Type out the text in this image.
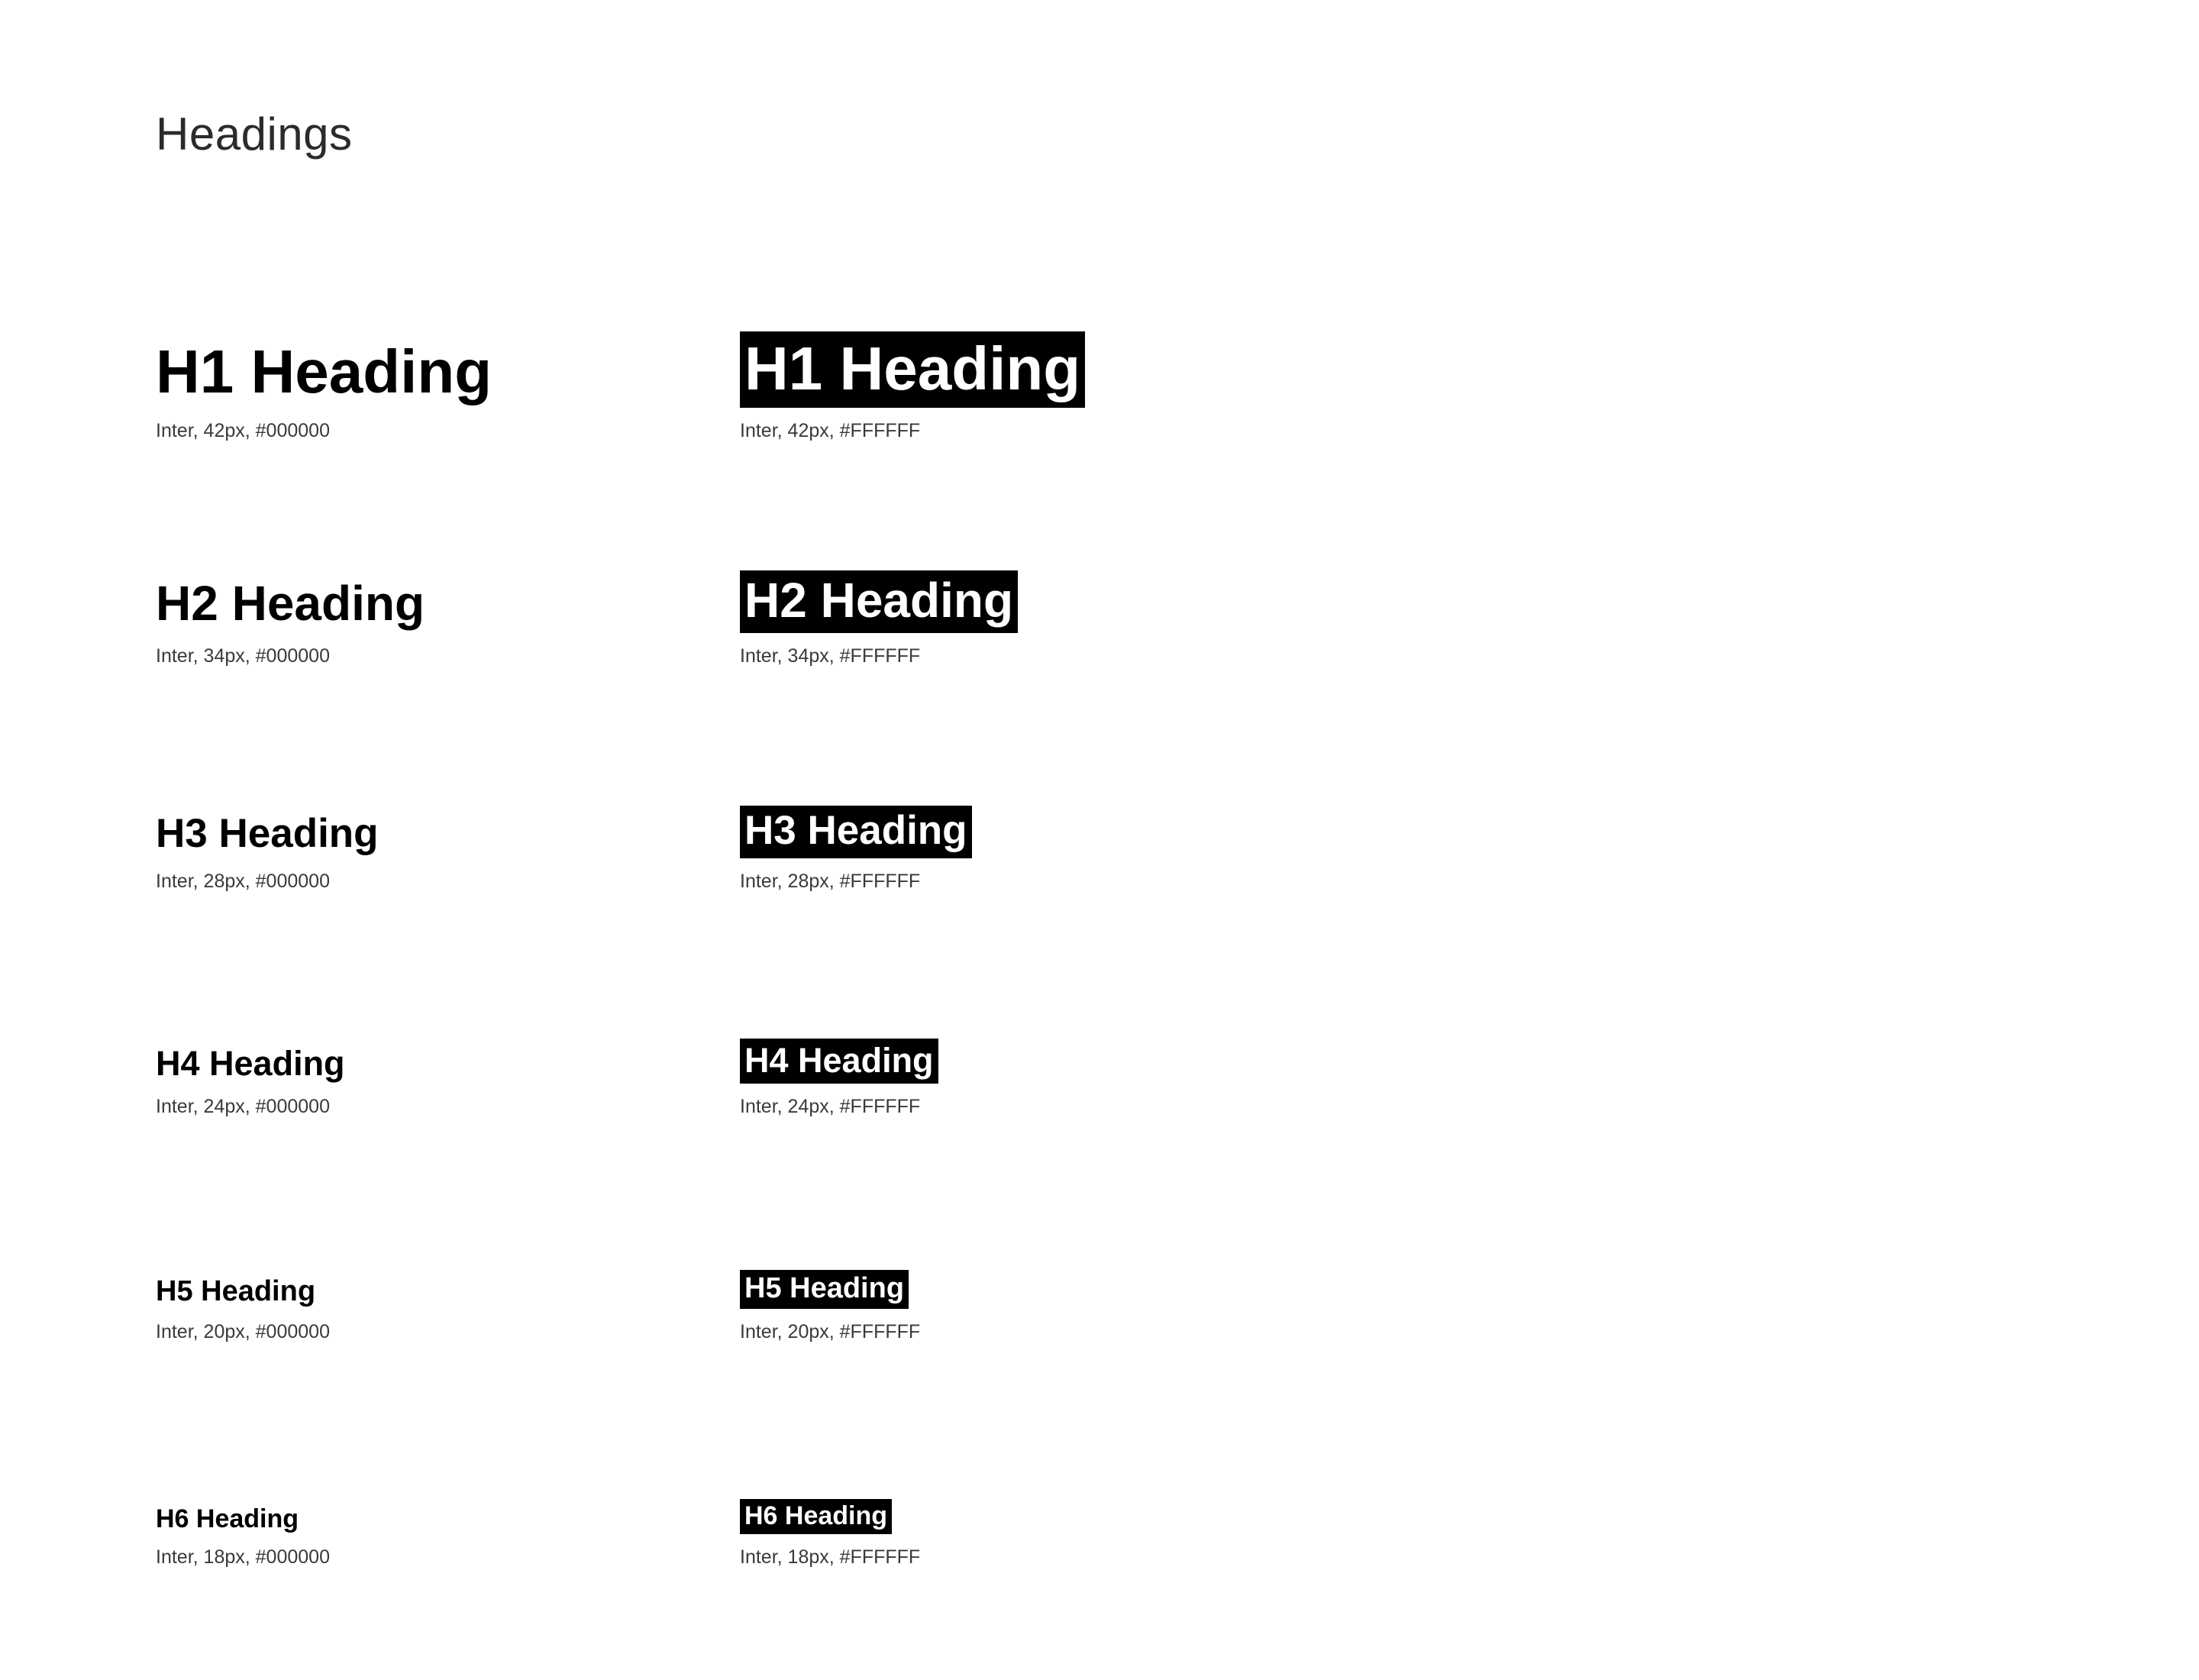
Headings
H1 Heading
Inter, 42px, #000000
H1 Heading
Inter, 42px, #FFFFFF
H2 Heading
Inter, 34px, #000000
H2 Heading
Inter, 34px, #FFFFFF
H3 Heading
Inter, 28px, #000000
H3 Heading
Inter, 28px, #FFFFFF
H4 Heading
Inter, 24px, #000000
H4 Heading
Inter, 24px, #FFFFFF
H5 Heading
Inter, 20px, #000000
H5 Heading
Inter, 20px, #FFFFFF
H6 Heading
Inter, 18px, #000000
H6 Heading
Inter, 18px, #FFFFFF
